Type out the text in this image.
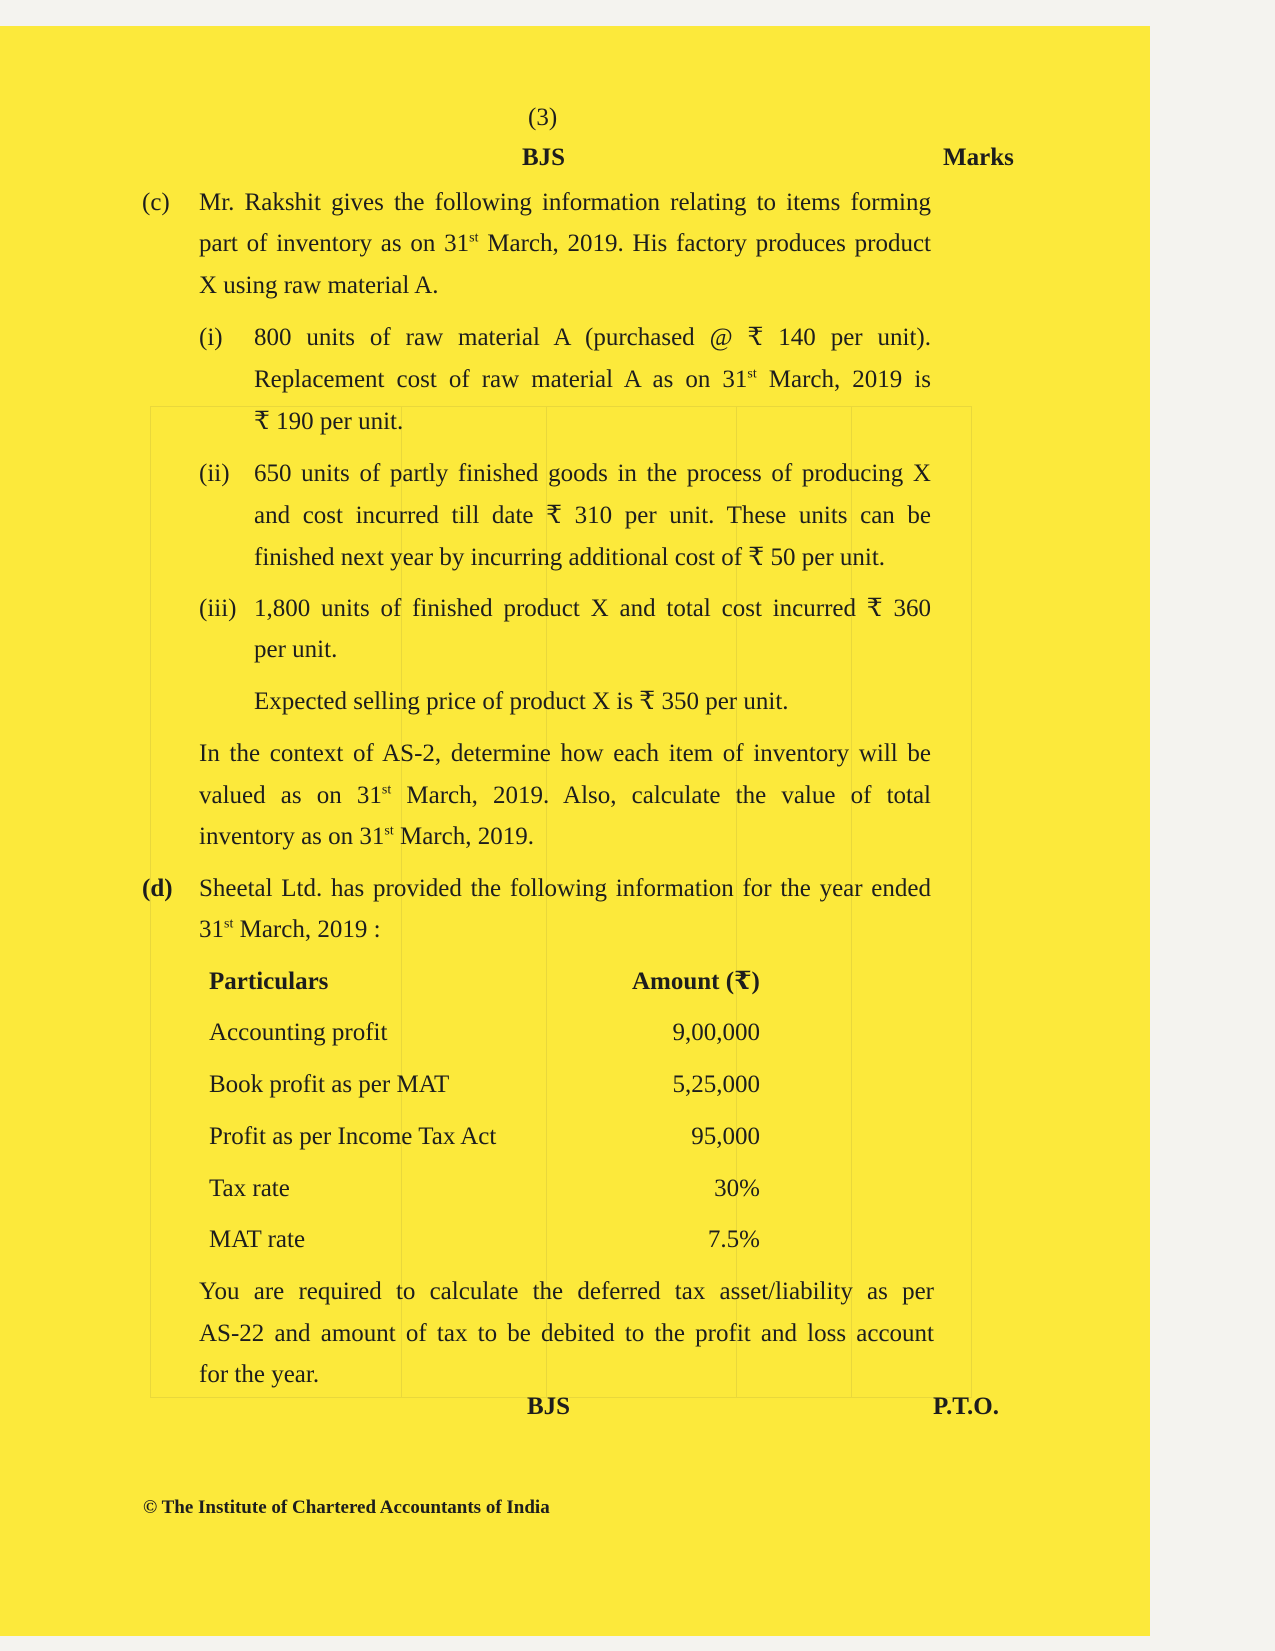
(3)
BJS	Marks
(c) Mr. Rakshit gives the following information relating to items forming
part of inventory as on 31st March, 2019. His factory produces product
X using raw material A.
(i) 800 units of raw material A (purchased @ ₹ 140 per unit).
Replacement cost of raw material A as on 31st March, 2019 is
₹ 190 per unit.
(ii) 650 units of partly finished goods in the process of producing X
and cost incurred till date ₹ 310 per unit. These units can be
finished next year by incurring additional cost of ₹ 50 per unit.
(iii) 1,800 units of finished product X and total cost incurred ₹ 360
per unit.
Expected selling price of product X is ₹ 350 per unit.
In the context of AS-2, determine how each item of inventory will be
valued as on 31st March, 2019. Also, calculate the value of total
inventory as on 31st March, 2019.
(d) Sheetal Ltd. has provided the following information for the year ended
31st March, 2019 :
Particulars	Amount (₹)
Accounting profit	9,00,000
Book profit as per MAT	5,25,000
Profit as per Income Tax Act	95,000
Tax rate	30%
MAT rate	7.5%
You are required to calculate the deferred tax asset/liability as per
AS-22 and amount of tax to be debited to the profit and loss account
for the year.
BJS	P.T.O.
© The Institute of Chartered Accountants of India
